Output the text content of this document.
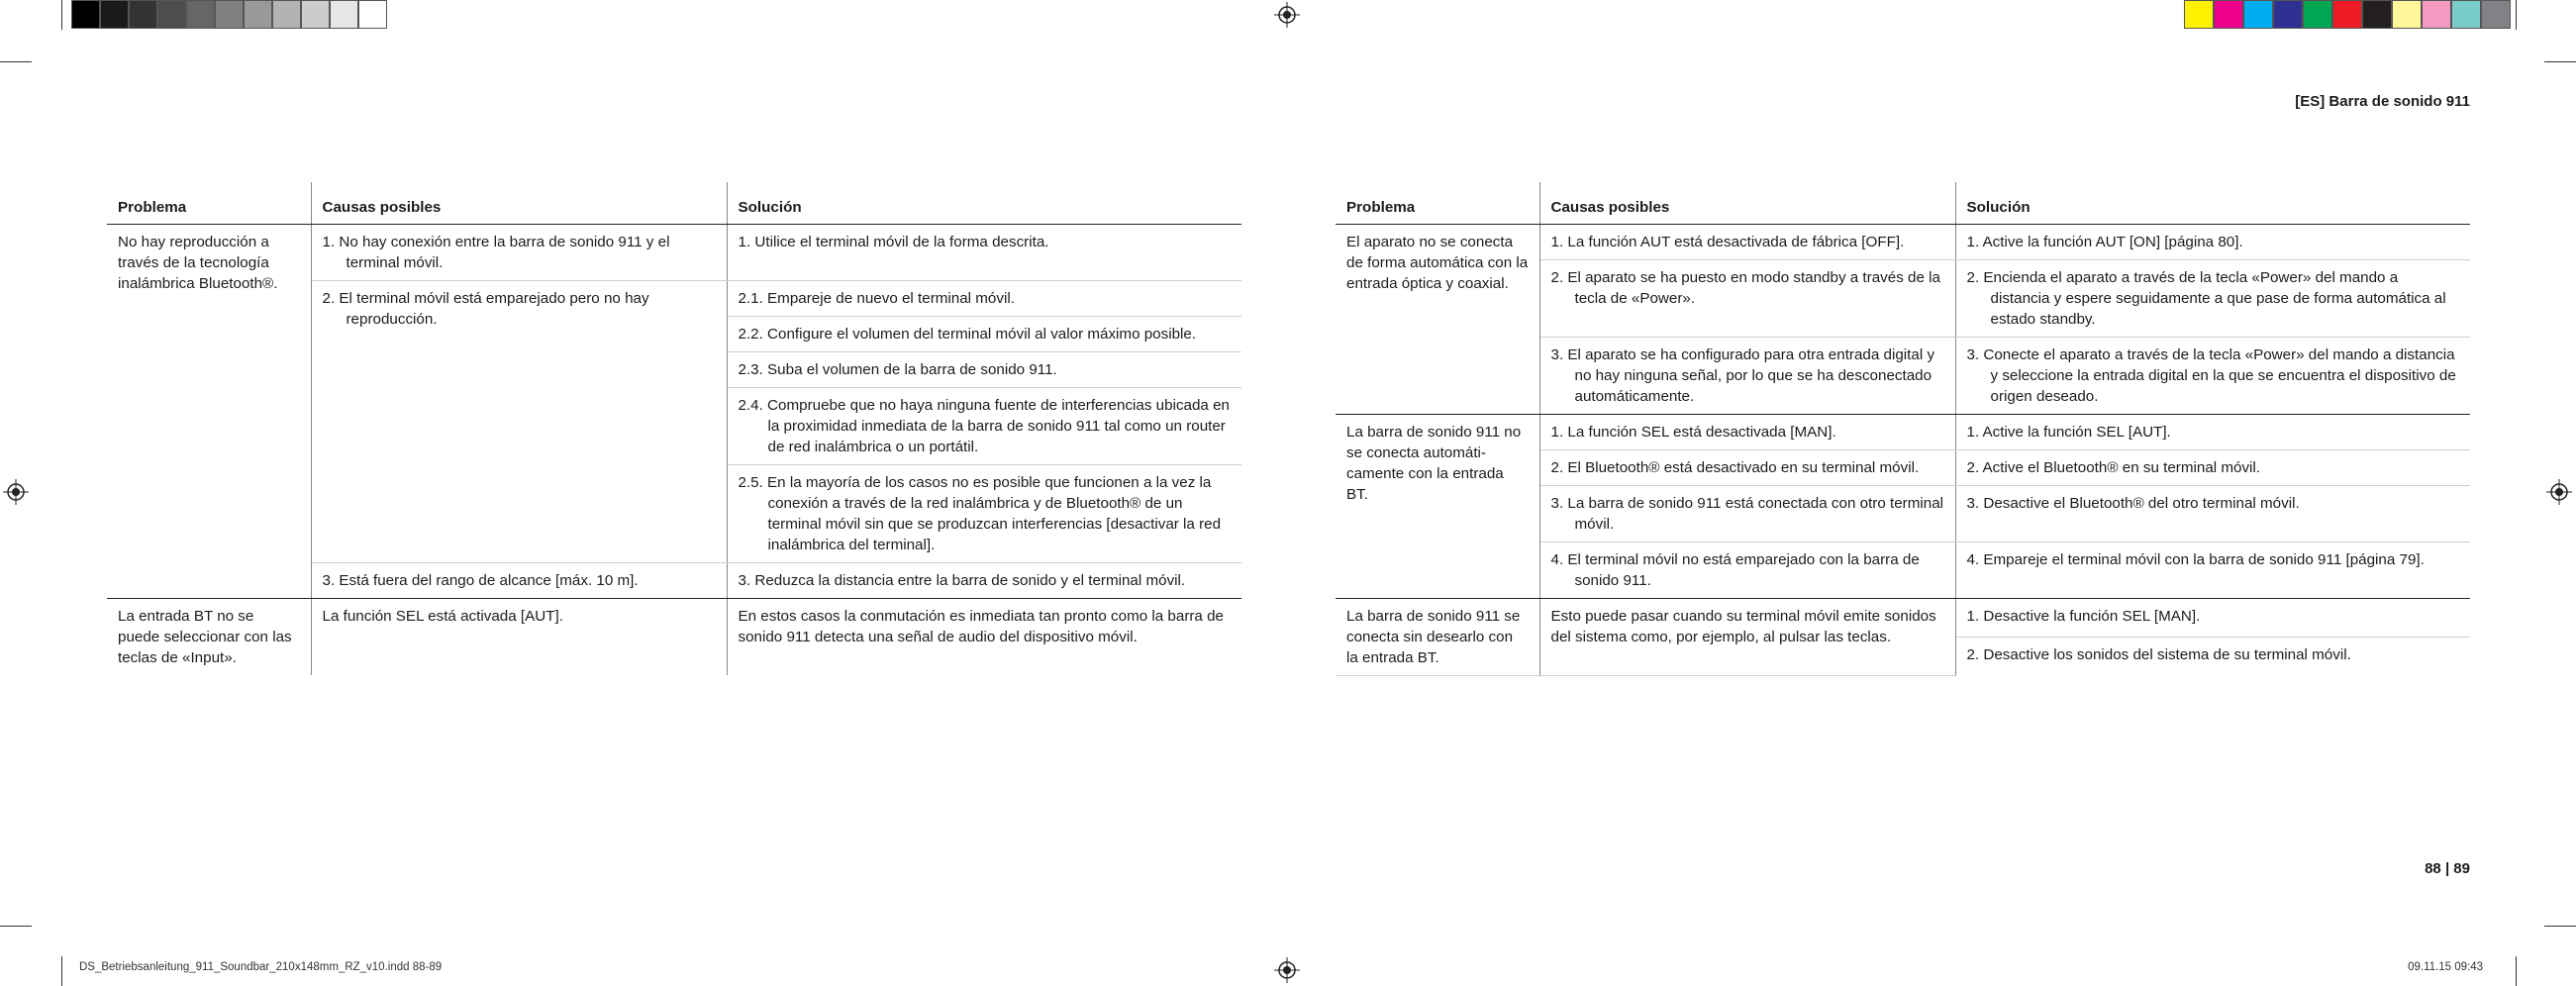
[ES] Barra de sonido 911
Problema	Causas posibles	Solución
No hay reproducción a través de la tecnología inalámbrica Bluetooth®.	1. No hay conexión entre la barra de sonido 911 y el terminal móvil.	1. Utilice el terminal móvil de la forma descrita.

	2. El terminal móvil está emparejado pero no hay reproducción.	2.1. Empareje de nuevo el terminal móvil.

		2.2. Configure el volumen del terminal móvil al valor máximo posible.

		2.3. Suba el volumen de la barra de sonido 911.

		2.4. Compruebe que no haya ninguna fuente de interferencias ubicada en la proximidad inmediata de la barra de sonido 911 tal como un router de red inalámbrica o un portátil.

		2.5. En la mayoría de los casos no es posible que funcionen a la vez la conexión a través de la red inalámbrica y de Bluetooth® de un terminal móvil sin que se produzcan interferencias [desactivar la red inalámbrica del terminal].

	3. Está fuera del rango de alcance [máx. 10 m].	3. Reduzca la distancia entre la barra de sonido y el terminal móvil.

La entrada BT no se puede seleccionar con las teclas de «Input».	La función SEL está activada [AUT].	En estos casos la conmutación es inmediata tan pronto como la barra de sonido 911 detecta una señal de audio del dispositivo móvil.
Problema	Causas posibles	Solución
El aparato no se conecta de forma automática con la entrada óptica y coaxial.	1. La función AUT está desactivada de fábrica [OFF].	1. Active la función AUT [ON] [página 80].

	2. El aparato se ha puesto en modo standby a través de la tecla de «Power».	2. Encienda el aparato a través de la tecla «Power» del mando a distancia y espere seguidamente a que pase de forma automática al estado standby.

	3. El aparato se ha configurado para otra entrada digital y no hay ninguna señal, por lo que se ha desconectado automáticamente.	3. Conecte el aparato a través de la tecla «Power» del mando a distancia y seleccione la entrada digital en la que se encuentra el dispositivo de origen deseado.

La barra de sonido 911 no se conecta automáti-camente con la entrada BT.	1. La función SEL está desactivada [MAN].	1. Active la función SEL [AUT].

	2. El Bluetooth® está desactivado en su terminal móvil.	2. Active el Bluetooth® en su terminal móvil.

	3. La barra de sonido 911 está conectada con otro terminal móvil.	3. Desactive el Bluetooth® del otro terminal móvil.

	4. El terminal móvil no está emparejado con la barra de sonido 911.	4. Empareje el terminal móvil con la barra de sonido 911 [página 79].

La barra de sonido 911 se conecta sin desearlo con la entrada BT.	Esto puede pasar cuando su terminal móvil emite sonidos del sistema como, por ejemplo, al pulsar las teclas.	1. Desactive la función SEL [MAN].

		2. Desactive los sonidos del sistema de su terminal móvil.
88 | 89
DS_Betriebsanleitung_911_Soundbar_210x148mm_RZ_v10.indd 88-89	09.11.15 09:43
